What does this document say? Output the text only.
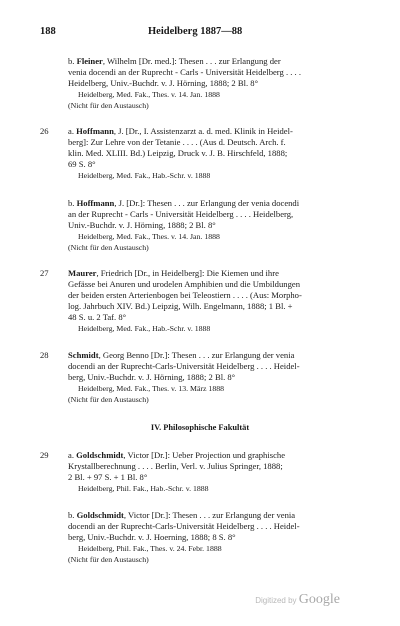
188	Heidelberg 1887—88
b. Fleiner, Wilhelm [Dr. med.]: Thesen . . . zur Erlangung der
venia docendi an der Ruprecht - Carls - Universität Heidelberg . . . .
Heidelberg, Univ.-Buchdr. v. J. Hörning, 1888; 2 Bl. 8°
Heidelberg, Med. Fak., Thes. v. 14. Jan. 1888
(Nicht für den Austausch)
26	a. Hoffmann, J. [Dr., I. Assistenzarzt a. d. med. Klinik in Heidel-
berg]: Zur Lehre von der Tetanie . . . . (Aus d. Deutsch. Arch. f.
klin. Med. XLIII. Bd.) Leipzig, Druck v. J. B. Hirschfeld, 1888;
69 S. 8°
Heidelberg, Med. Fak., Hab.-Schr. v. 1888
b. Hoffmann, J. [Dr.]: Thesen . . . zur Erlangung der venia docendi
an der Ruprecht - Carls - Universität Heidelberg . . . . Heidelberg,
Univ.-Buchdr. v. J. Hörning, 1888; 2 Bl. 8°
Heidelberg, Med. Fak., Thes. v. 14. Jan. 1888
(Nicht für den Austausch)
27	Maurer, Friedrich [Dr., in Heidelberg]: Die Kiemen und ihre
Gefässe bei Anuren und urodelen Amphibien und die Umbildungen
der beiden ersten Arterienbogen bei Teleostiern . . . . (Aus: Morpho-
log. Jahrbuch XIV. Bd.) Leipzig, Wilh. Engelmann, 1888; 1 Bl. +
48 S. u. 2 Taf. 8°
Heidelberg, Med. Fak., Hab.-Schr. v. 1888
28	Schmidt, Georg Benno [Dr.]: Thesen . . . zur Erlangung der venia
docendi an der Ruprecht-Carls-Universität Heidelberg . . . . Heidel-
berg, Univ.-Buchdr. v. J. Hörning, 1888; 2 Bl. 8°
Heidelberg, Med. Fak., Thes. v. 13. März 1888
(Nicht für den Austausch)
IV. Philosophische Fakultät
29	a. Goldschmidt, Victor [Dr.]: Ueber Projection und graphische
Krystallberechnung . . . . Berlin, Verl. v. Julius Springer, 1888;
2 Bl. + 97 S. + 1 Bl. 8°
Heidelberg, Phil. Fak., Hab.-Schr. v. 1888
b. Goldschmidt, Victor [Dr.]: Thesen . . . zur Erlangung der venia
docendi an der Ruprecht-Carls-Universität Heidelberg . . . . Heidel-
berg, Univ.-Buchdr. v. J. Hoerning, 1888; 8 S. 8°
Heidelberg, Phil. Fak., Thes. v. 24. Febr. 1888
(Nicht für den Austausch)
Digitized by Google
